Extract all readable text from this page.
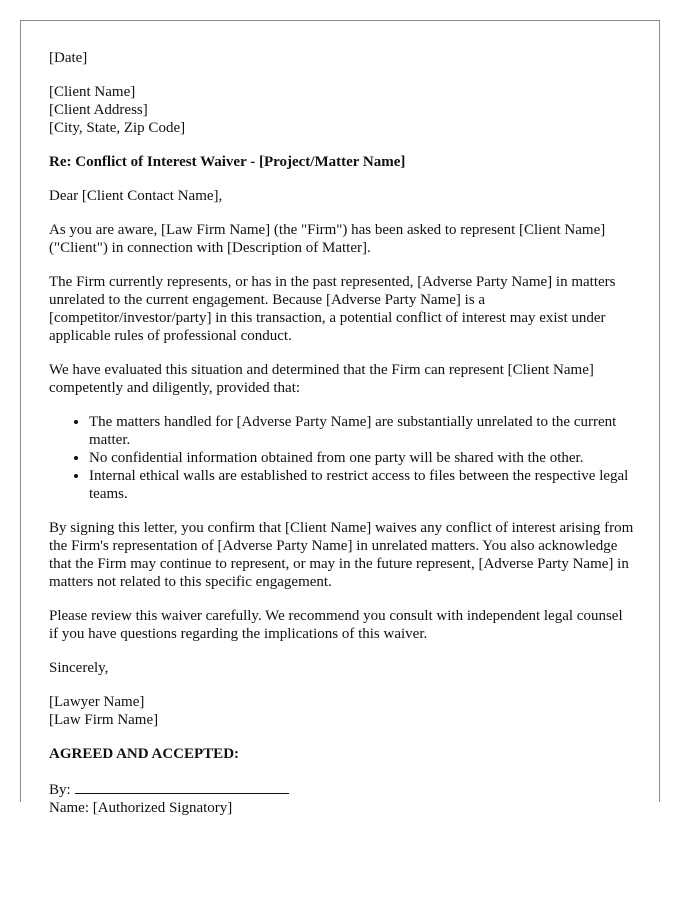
[Date]
[Client Name]
[Client Address]
[City, State, Zip Code]
Re: Conflict of Interest Waiver - [Project/Matter Name]
Dear [Client Contact Name],
As you are aware, [Law Firm Name] (the "Firm") has been asked to represent [Client Name] ("Client") in connection with [Description of Matter].
The Firm currently represents, or has in the past represented, [Adverse Party Name] in matters unrelated to the current engagement. Because [Adverse Party Name] is a [competitor/investor/party] in this transaction, a potential conflict of interest may exist under applicable rules of professional conduct.
We have evaluated this situation and determined that the Firm can represent [Client Name] competently and diligently, provided that:
• The matters handled for [Adverse Party Name] are substantially unrelated to the current matter.
• No confidential information obtained from one party will be shared with the other.
• Internal ethical walls are established to restrict access to files between the respective legal teams.
By signing this letter, you confirm that [Client Name] waives any conflict of interest arising from the Firm's representation of [Adverse Party Name] in unrelated matters. You also acknowledge that the Firm may continue to represent, or may in the future represent, [Adverse Party Name] in matters not related to this specific engagement.
Please review this waiver carefully. We recommend you consult with independent legal counsel if you have questions regarding the implications of this waiver.
Sincerely,
[Lawyer Name]
[Law Firm Name]
AGREED AND ACCEPTED:
By:
Name: [Authorized Signatory]
